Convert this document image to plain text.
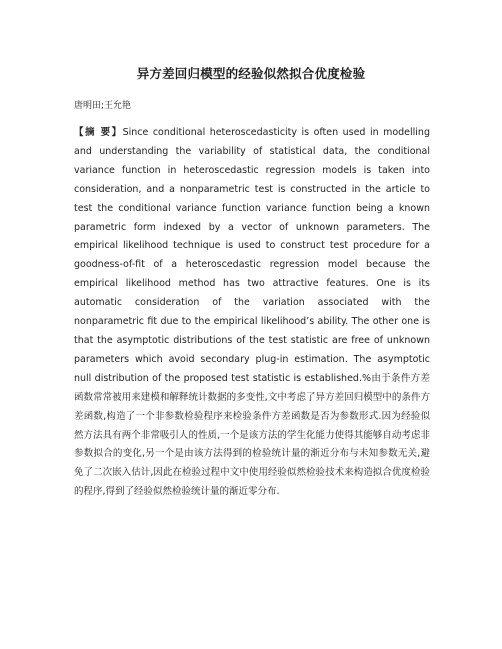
异方差回归模型的经验似然拟合优度检验
唐明田;王允艳
【摘 要】Since conditional heteroscedasticity is often used in modelling and understanding the variability of statistical data, the conditional variance function in heteroscedastic regression models is taken into consideration, and a nonparametric test is constructed in the article to test the conditional variance function variance function being a known parametric form indexed by a vector of unknown parameters. The empirical likelihood technique is used to construct test procedure for a goodness-of-fit of a heteroscedastic regression model because the empirical likelihood method has two attractive features. One is its automatic consideration of the variation associated with the nonparametric fit due to the empirical likelihood’s ability. The other one is that the asymptotic distributions of the test statistic are free of unknown parameters which avoid secondary plug-in estimation. The asymptotic null distribution of the proposed test statistic is established.%由于条件方差函数常常被用来建模和解释统计数据的多变性,文中考虑了异方差回归模型中的条件方差函数,构造了一个非参数检验程序来检验条件方差函数是否为参数形式.因为经验似然方法具有两个非常吸引人的性质,一个是该方法的学生化能力使得其能够自动考虑非参数拟合的变化,另一个是由该方法得到的检验统计量的渐近分布与未知参数无关,避免了二次嵌入估计,因此在检验过程中文中使用经验似然检验技术来构造拟合优度检验的程序,得到了经验似然检验统计量的渐近零分布.
